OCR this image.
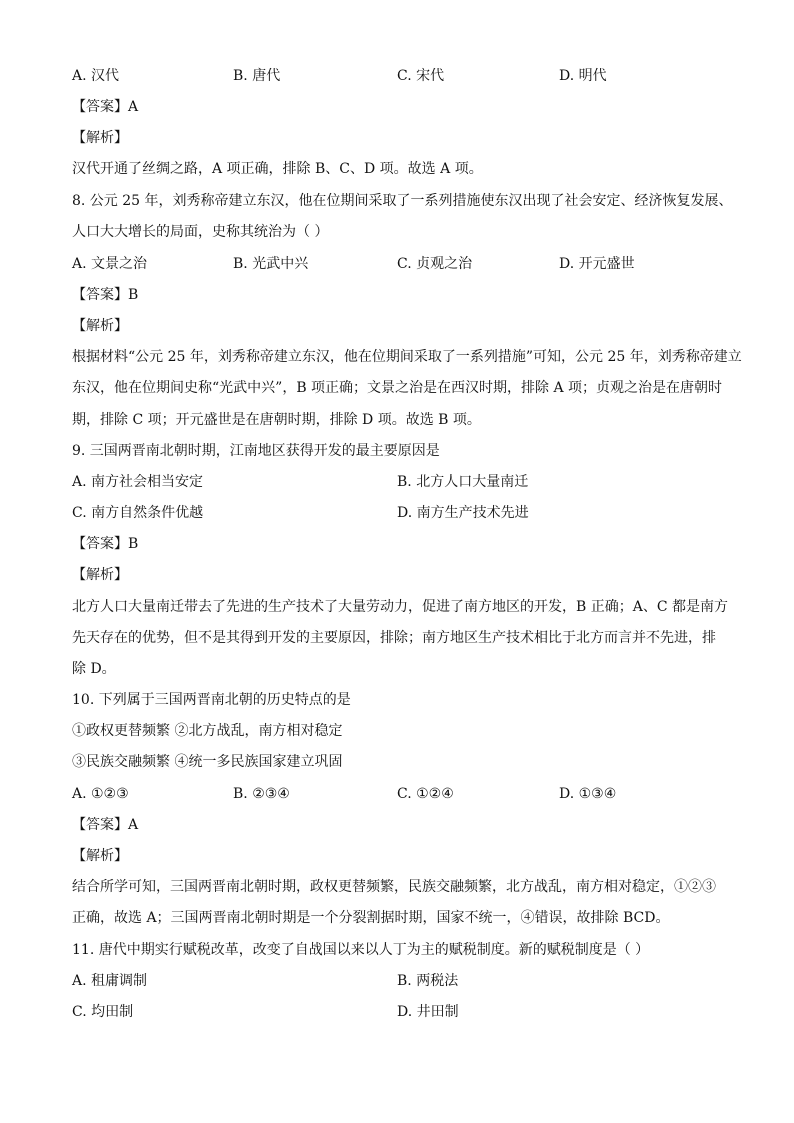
A. 汉代	B. 唐代	C. 宋代	D. 明代
【答案】A
【解析】
汉代开通了丝绸之路，A 项正确，排除 B、C、D 项。故选 A 项。
8. 公元 25 年，刘秀称帝建立东汉，他在位期间采取了一系列措施使东汉出现了社会安定、经济恢复发展、
人口大大增长的局面，史称其统治为（ ）
A. 文景之治	B. 光武中兴	C. 贞观之治	D. 开元盛世
【答案】B
【解析】
根据材料“公元 25 年，刘秀称帝建立东汉，他在位期间采取了一系列措施”可知，公元 25 年，刘秀称帝建立
东汉，他在位期间史称“光武中兴”，B 项正确；文景之治是在西汉时期，排除 A 项；贞观之治是在唐朝时
期，排除 C 项；开元盛世是在唐朝时期，排除 D 项。故选 B 项。
9. 三国两晋南北朝时期，江南地区获得开发的最主要原因是
A. 南方社会相当安定	B. 北方人口大量南迁
C. 南方自然条件优越	D. 南方生产技术先进
【答案】B
【解析】
北方人口大量南迁带去了先进的生产技术了大量劳动力，促进了南方地区的开发，B 正确；A、C 都是南方
先天存在的优势，但不是其得到开发的主要原因，排除；南方地区生产技术相比于北方而言并不先进，排
除 D。
10. 下列属于三国两晋南北朝的历史特点的是
①政权更替频繁 ②北方战乱，南方相对稳定
③民族交融频繁 ④统一多民族国家建立巩固
A. ①②③	B. ②③④	C. ①②④	D. ①③④
【答案】A
【解析】
结合所学可知，三国两晋南北朝时期，政权更替频繁，民族交融频繁，北方战乱，南方相对稳定，①②③
正确，故选 A；三国两晋南北朝时期是一个分裂割据时期，国家不统一，④错误，故排除 BCD。
11. 唐代中期实行赋税改革，改变了自战国以来以人丁为主的赋税制度。新的赋税制度是（ ）
A. 租庸调制	B. 两税法
C. 均田制	D. 井田制
